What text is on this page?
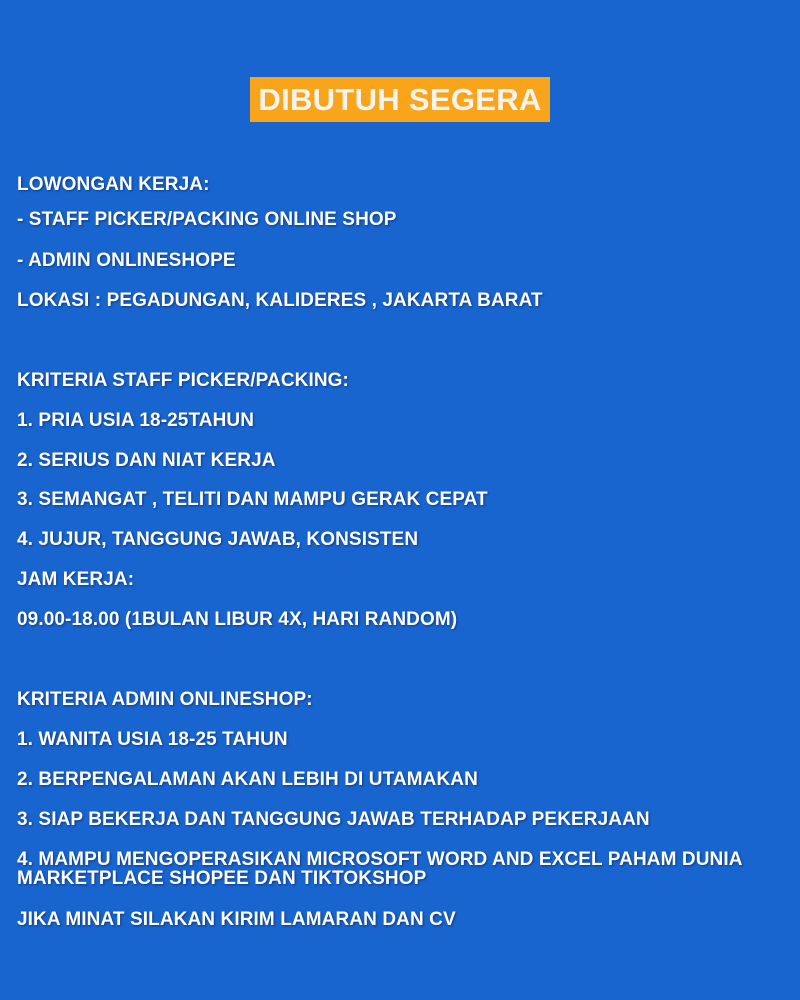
DIBUTUH SEGERA
LOWONGAN KERJA:
- STAFF PICKER/PACKING ONLINE SHOP
- ADMIN ONLINESHOPE
LOKASI : PEGADUNGAN, KALIDERES , JAKARTA BARAT
KRITERIA STAFF PICKER/PACKING:
1. PRIA USIA 18-25TAHUN
2. SERIUS DAN NIAT KERJA
3. SEMANGAT , TELITI DAN MAMPU GERAK CEPAT
4. JUJUR, TANGGUNG JAWAB, KONSISTEN
JAM KERJA:
09.00-18.00 (1BULAN LIBUR 4X, HARI RANDOM)
KRITERIA ADMIN ONLINESHOP:
1. WANITA USIA 18-25 TAHUN
2. BERPENGALAMAN AKAN LEBIH DI UTAMAKAN
3. SIAP BEKERJA DAN TANGGUNG JAWAB TERHADAP PEKERJAAN
4. MAMPU MENGOPERASIKAN MICROSOFT WORD AND EXCEL PAHAM DUNIA MARKETPLACE SHOPEE DAN TIKTOKSHOP
JIKA MINAT SILAKAN KIRIM LAMARAN DAN CV
